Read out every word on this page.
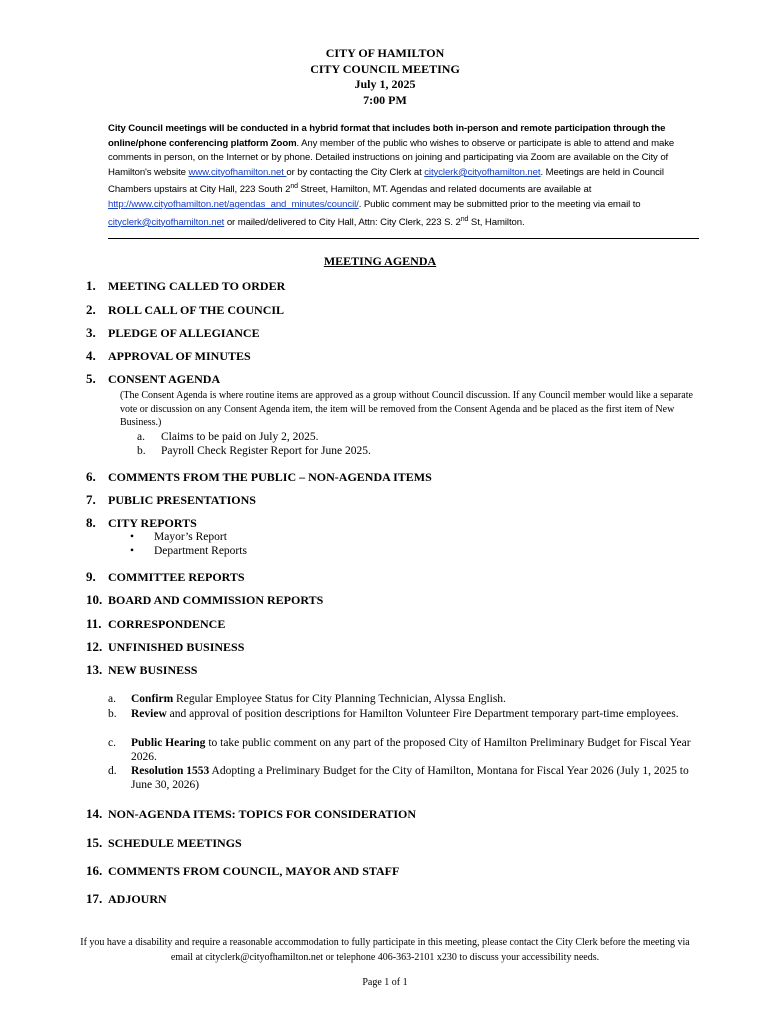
CITY OF HAMILTON
CITY COUNCIL MEETING
July 1, 2025
7:00 PM
City Council meetings will be conducted in a hybrid format that includes both in-person and remote participation through the online/phone conferencing platform Zoom. Any member of the public who wishes to observe or participate is able to attend and make comments in person, on the Internet or by phone. Detailed instructions on joining and participating via Zoom are available on the City of Hamilton's website www.cityofhamilton.net or by contacting the City Clerk at cityclerk@cityofhamilton.net. Meetings are held in Council Chambers upstairs at City Hall, 223 South 2nd Street, Hamilton, MT. Agendas and related documents are available at http://www.cityofhamilton.net/agendas_and_minutes/council/. Public comment may be submitted prior to the meeting via email to cityclerk@cityofhamilton.net or mailed/delivered to City Hall, Attn: City Clerk, 223 S. 2nd St, Hamilton.
MEETING AGENDA
1. MEETING CALLED TO ORDER
2. ROLL CALL OF THE COUNCIL
3. PLEDGE OF ALLEGIANCE
4. APPROVAL OF MINUTES
5. CONSENT AGENDA
(The Consent Agenda is where routine items are approved as a group without Council discussion. If any Council member would like a separate vote or discussion on any Consent Agenda item, the item will be removed from the Consent Agenda and be placed as the first item of New Business.)
a. Claims to be paid on July 2, 2025.
b. Payroll Check Register Report for June 2025.
6. COMMENTS FROM THE PUBLIC – NON-AGENDA ITEMS
7. PUBLIC PRESENTATIONS
8. CITY REPORTS
• Mayor’s Report
• Department Reports
9. COMMITTEE REPORTS
10. BOARD AND COMMISSION REPORTS
11. CORRESPONDENCE
12. UNFINISHED BUSINESS
13. NEW BUSINESS
a.	Confirm Regular Employee Status for City Planning Technician, Alyssa English.
b.	Review and approval of position descriptions for Hamilton Volunteer Fire Department temporary part-time employees.
c.	Public Hearing to take public comment on any part of the proposed City of Hamilton Preliminary Budget for Fiscal Year 2026.
d.	Resolution 1553 Adopting a Preliminary Budget for the City of Hamilton, Montana for Fiscal Year 2026 (July 1, 2025 to June 30, 2026)
14. NON-AGENDA ITEMS: TOPICS FOR CONSIDERATION
15. SCHEDULE MEETINGS
16. COMMENTS FROM COUNCIL, MAYOR AND STAFF
17. ADJOURN
If you have a disability and require a reasonable accommodation to fully participate in this meeting, please contact the City Clerk before the meeting via email at cityclerk@cityofhamilton.net or telephone 406-363-2101 x230 to discuss your accessibility needs.
Page 1 of 1
